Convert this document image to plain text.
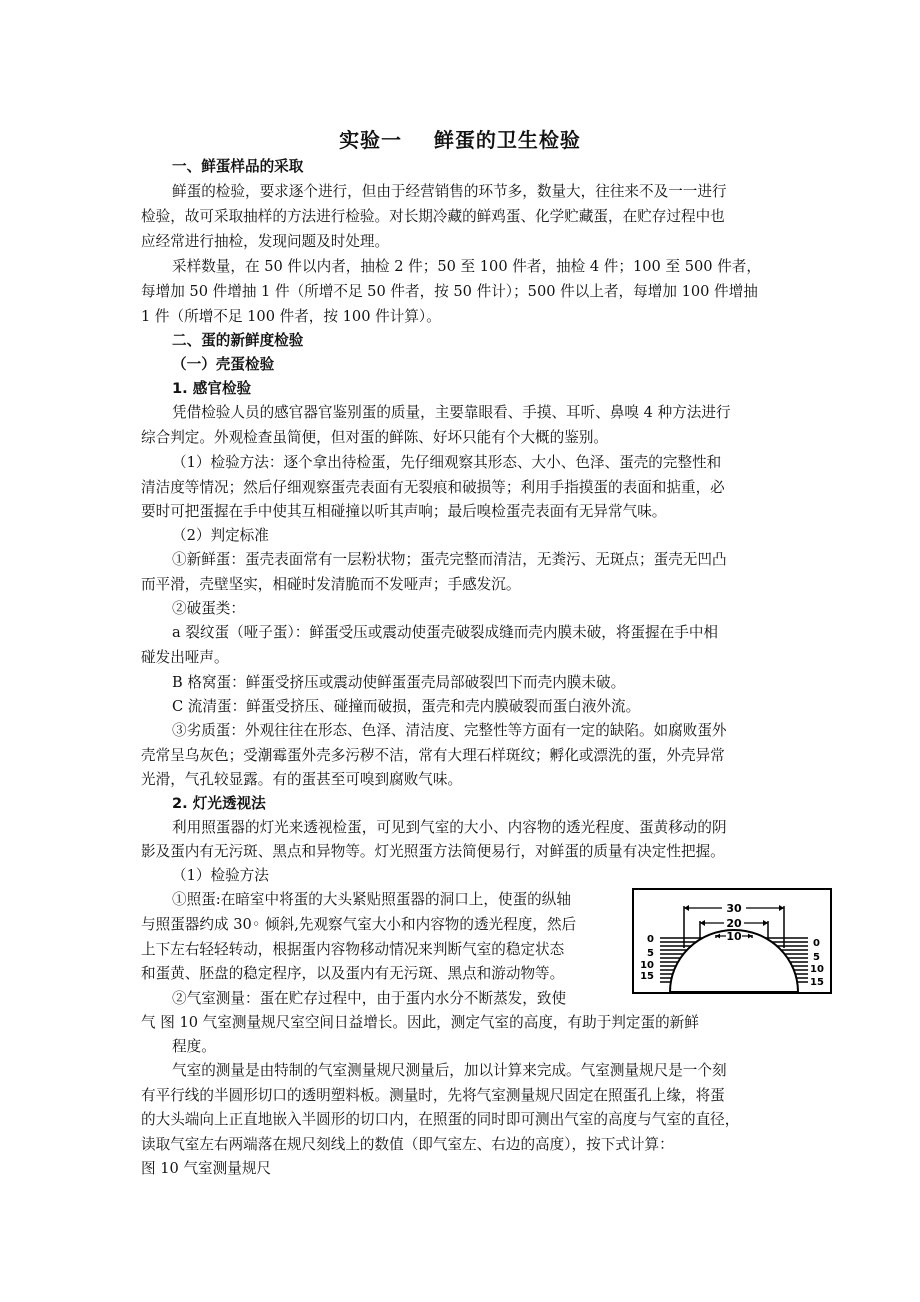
实验一    鲜蛋的卫生检验
一、鲜蛋样品的采取
鲜蛋的检验，要求逐个进行，但由于经营销售的环节多，数量大，往往来不及一一进行
检验，故可采取抽样的方法进行检验。对长期冷藏的鲜鸡蛋、化学贮藏蛋，在贮存过程中也
应经常进行抽检，发现问题及时处理。
采样数量，在 50 件以内者，抽检 2 件；50 至 100 件者，抽检 4 件；100 至 500 件者，
每增加 50 件增抽 1 件（所增不足 50 件者，按 50 件计）；500 件以上者，每增加 100 件增抽
1 件（所增不足 100 件者，按 100 件计算）。
二、蛋的新鲜度检验
（一）壳蛋检验
1. 感官检验
凭借检验人员的感官器官鉴别蛋的质量，主要靠眼看、手摸、耳听、鼻嗅 4 种方法进行
综合判定。外观检查虽简便，但对蛋的鲜陈、好坏只能有个大概的鉴别。
（1）检验方法：逐个拿出待检蛋，先仔细观察其形态、大小、色泽、蛋壳的完整性和
清洁度等情况；然后仔细观察蛋壳表面有无裂痕和破损等；利用手指摸蛋的表面和掂重，必
要时可把蛋握在手中使其互相碰撞以听其声响；最后嗅检蛋壳表面有无异常气味。
（2）判定标准
①新鲜蛋：蛋壳表面常有一层粉状物；蛋壳完整而清洁，无粪污、无斑点；蛋壳无凹凸
而平滑，壳壁坚实，相碰时发清脆而不发哑声；手感发沉。
②破蛋类：
a 裂纹蛋（哑子蛋）：鲜蛋受压或震动使蛋壳破裂成缝而壳内膜未破，将蛋握在手中相
碰发出哑声。
B 格窝蛋：鲜蛋受挤压或震动使鲜蛋蛋壳局部破裂凹下而壳内膜未破。
C 流清蛋：鲜蛋受挤压、碰撞而破损，蛋壳和壳内膜破裂而蛋白液外流。
③劣质蛋：外观往往在形态、色泽、清洁度、完整性等方面有一定的缺陷。如腐败蛋外
壳常呈乌灰色；受潮霉蛋外壳多污秽不洁，常有大理石样斑纹；孵化或漂洗的蛋，外壳异常
光滑，气孔较显露。有的蛋甚至可嗅到腐败气味。
2. 灯光透视法
利用照蛋器的灯光来透视检蛋，可见到气室的大小、内容物的透光程度、蛋黄移动的阴
影及蛋内有无污斑、黑点和异物等。灯光照蛋方法简便易行，对鲜蛋的质量有决定性把握。
（1）检验方法
①照蛋:在暗室中将蛋的大头紧贴照蛋器的洞口上，使蛋的纵轴
与照蛋器约成 30◦ 倾斜,先观察气室大小和内容物的透光程度，然后
上下左右轻轻转动，根据蛋内容物移动情况来判断气室的稳定状态
和蛋黄、胚盘的稳定程序，以及蛋内有无污斑、黑点和游动物等。
②气室测量：蛋在贮存过程中，由于蛋内水分不断蒸发，致使
气 图 10 气室测量规尺室空间日益增长。因此，测定气室的高度，有助于判定蛋的新鲜
程度。
气室的测量是由特制的气室测量规尺测量后，加以计算来完成。气室测量规尺是一个刻
有平行线的半圆形切口的透明塑料板。测量时，先将气室测量规尺固定在照蛋孔上缘，将蛋
的大头端向上正直地嵌入半圆形的切口内，在照蛋的同时即可测出气室的高度与气室的直径，
读取气室左右两端落在规尺刻线上的数值（即气室左、右边的高度），按下式计算：
图 10 气室测量规尺
30
20
10
0
5
10
15
0
5
10
15
